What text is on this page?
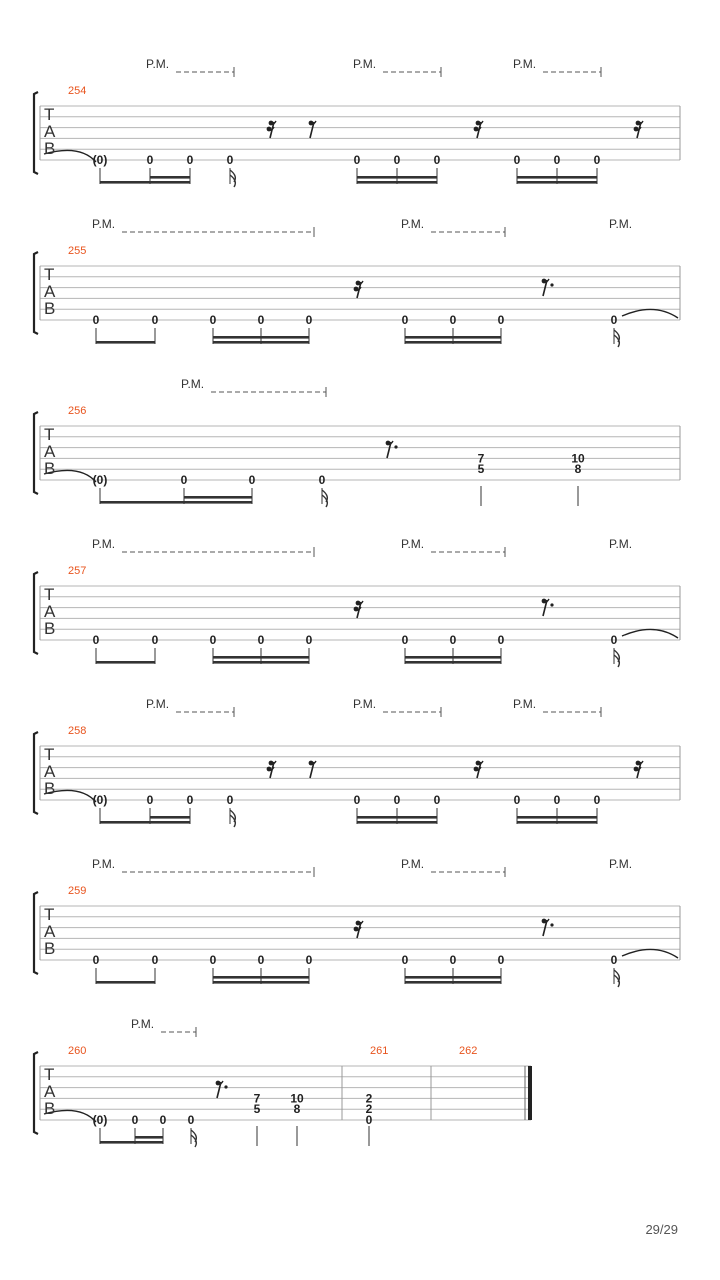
254
T
A
B
(0)	0	0	0	0	0	0	0	0	0
P.M.	P.M.	P.M.
255
T
A
B
0	0	0	0	0	0	0	0	0
P.M.	P.M.	P.M.
256
T
A
B
(0)	0	0	0
7
5
10
8
P.M.
257
T
A
B
0	0	0	0	0	0	0	0	0
P.M.	P.M.	P.M.
258
T
A
B
(0)	0	0	0	0	0	0	0	0	0
P.M.	P.M.	P.M.
259
T
A
B
0	0	0	0	0	0	0	0	0
P.M.	P.M.	P.M.
260	261	262
T
A
B
(0) 0 0 0
7
5
10
8
2
2
0
P.M.
29/29
